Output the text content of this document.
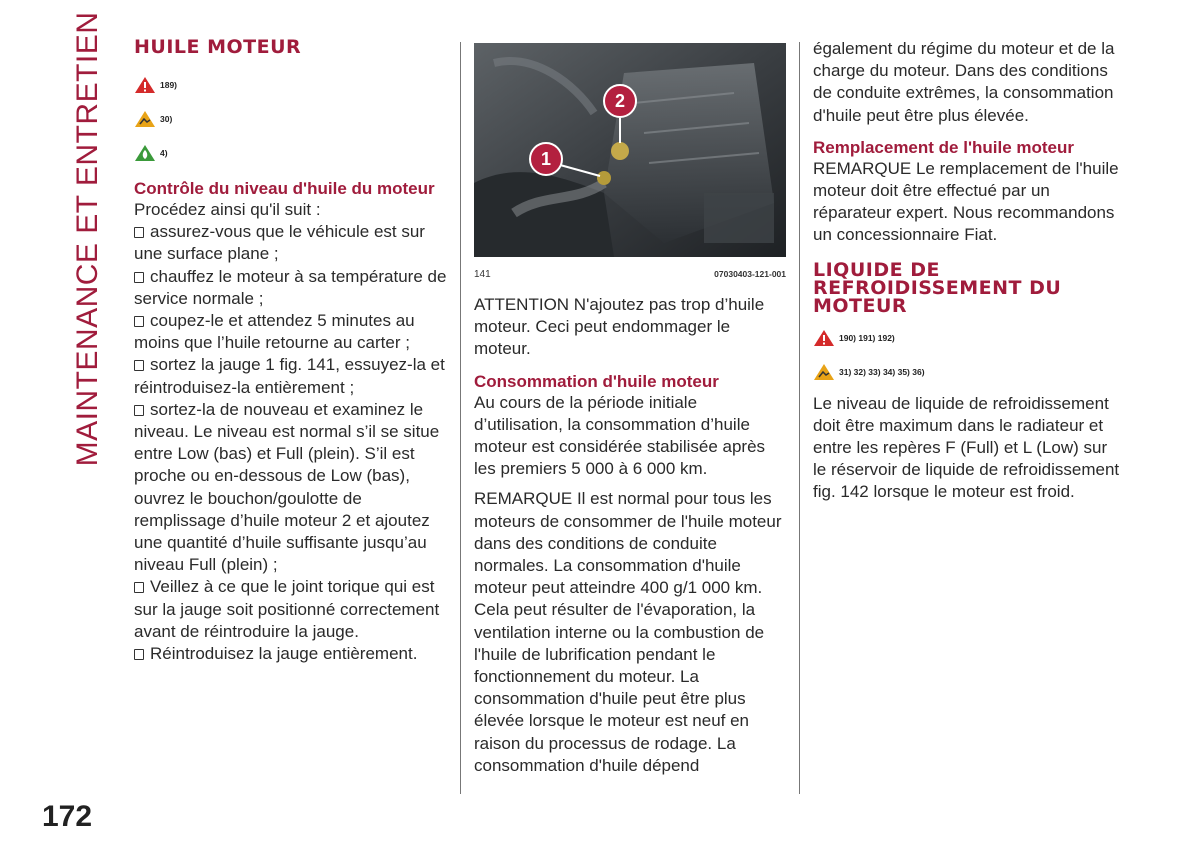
MAINTENANCE ET ENTRETIEN
172
HUILE MOTEUR
189)
30)
4)
Contrôle du niveau d'huile du moteur

Procédez ainsi qu'il suit :

assurez-vous que le véhicule est sur une surface plane ;

chauffez le moteur à sa température de service normale ;

coupez-le et attendez 5 minutes au moins que l’huile retourne au carter ;

sortez la jauge 1 fig. 141, essuyez-la et réintroduisez-la entièrement ;

sortez-la de nouveau et examinez le niveau. Le niveau est normal s’il se situe entre Low (bas) et Full (plein). S’il est proche ou en-dessous de Low (bas), ouvrez le bouchon/goulotte de remplissage d’huile moteur 2 et ajoutez une quantité d’huile suffisante jusqu’au niveau Full (plein) ;

Veillez à ce que le joint torique qui est sur la jauge soit positionné correctement avant de réintroduire la jauge.

Réintroduisez la jauge entièrement.

1
2
141	07030403-121-001

ATTENTION N'ajoutez pas trop d’huile moteur. Ceci peut endommager le moteur.

Consommation d'huile moteur

Au cours de la période initiale d’utilisation, la consommation d’huile moteur est considérée stabilisée après les premiers 5 000 à 6 000 km.

REMARQUE Il est normal pour tous les moteurs de consommer de l'huile moteur dans des conditions de conduite normales. La consommation d'huile moteur peut atteindre 400 g/1 000 km. Cela peut résulter de l'évaporation, la ventilation interne ou la combustion de l'huile de lubrification pendant le fonctionnement du moteur. La consommation d'huile peut être plus élevée lorsque le moteur est neuf en raison du processus de rodage. La consommation d'huile dépend

également du régime du moteur et de la charge du moteur. Dans des conditions de conduite extrêmes, la consommation d'huile peut être plus élevée.

Remplacement de l'huile moteur

REMARQUE Le remplacement de l'huile moteur doit être effectué par un réparateur expert. Nous recommandons un concessionnaire Fiat.

LIQUIDE DE REFROIDISSEMENT DU MOTEUR
190) 191) 192)
31) 32) 33) 34) 35) 36)

Le niveau de liquide de refroidissement doit être maximum dans le radiateur et entre les repères F (Full) et L (Low) sur le réservoir de liquide de refroidissement fig. 142 lorsque le moteur est froid.
